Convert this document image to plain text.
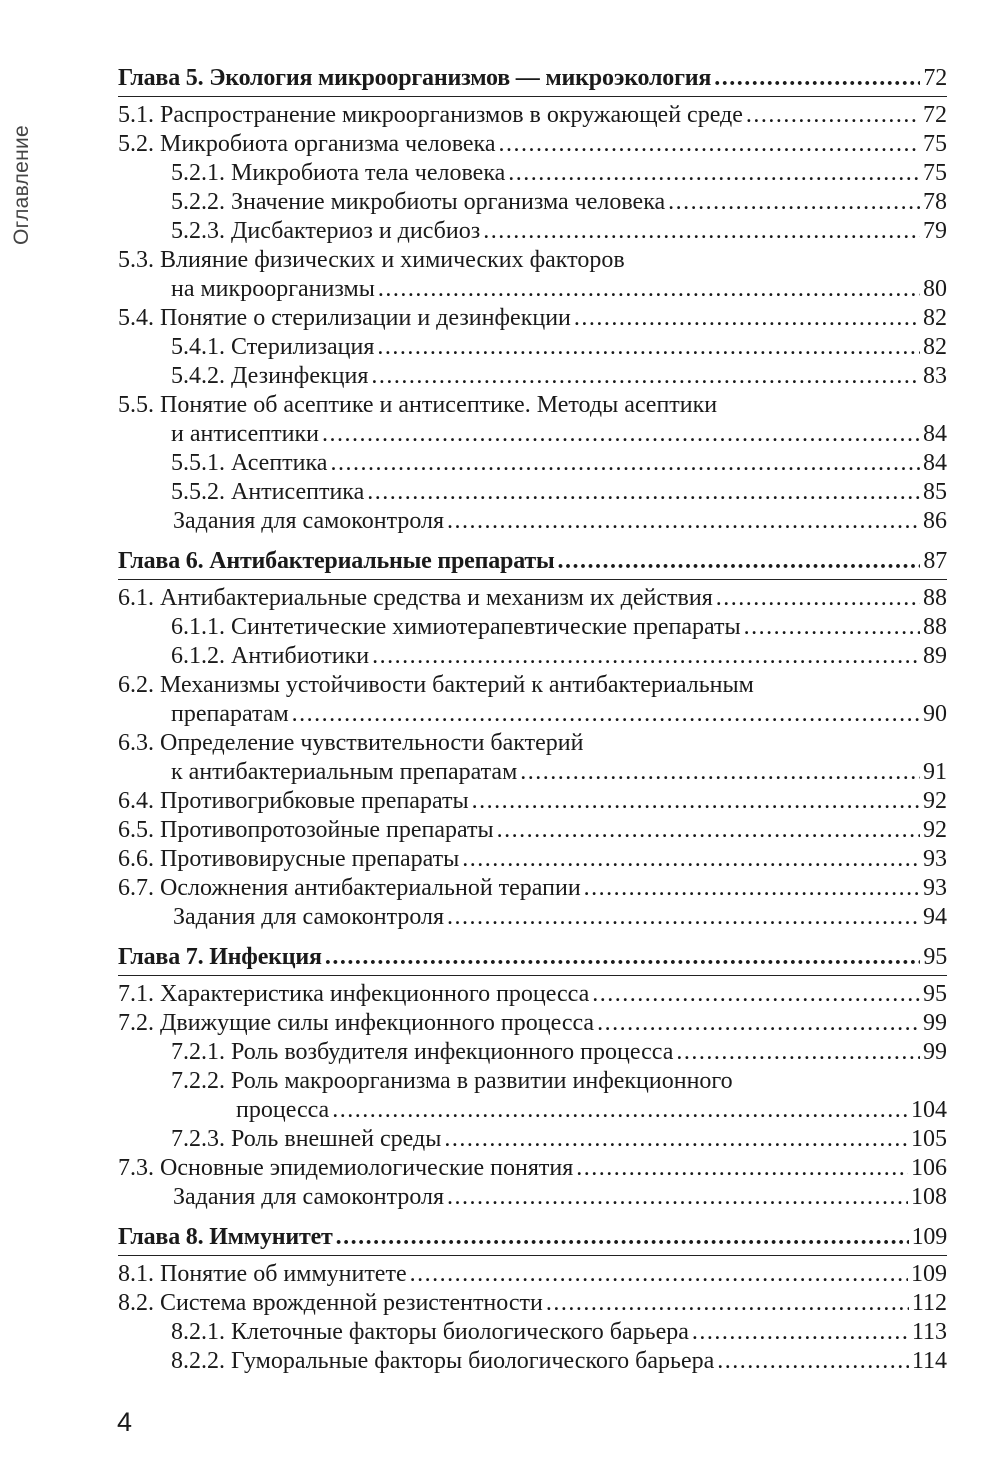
Оглавление
Глава 5. Экология микроорганизмов — микроэкология .....	72
5.1. Распространение микроорганизмов в окружающей среде .....	72
5.2. Микробиота организма человека .....	75
5.2.1. Микробиота тела человека .....	75
5.2.2. Значение микробиоты организма человека .....	78
5.2.3. Дисбактериоз и дисбиоз .....	79
5.3. Влияние физических и химических факторов
на микроорганизмы .....	80
5.4. Понятие о стерилизации и дезинфекции .....	82
5.4.1. Стерилизация .....	82
5.4.2. Дезинфекция .....	83
5.5. Понятие об асептике и антисептике. Методы асептики
и антисептики .....	84
5.5.1. Асептика .....	84
5.5.2. Антисептика .....	85
Задания для самоконтроля .....	86
Глава 6. Антибактериальные препараты .....	87
6.1. Антибактериальные средства и механизм их действия .....	88
6.1.1. Синтетические химиотерапевтические препараты .....	88
6.1.2. Антибиотики .....	89
6.2. Механизмы устойчивости бактерий к антибактериальным
препаратам .....	90
6.3. Определение чувствительности бактерий
к антибактериальным препаратам .....	91
6.4. Противогрибковые препараты .....	92
6.5. Противопротозойные препараты .....	92
6.6. Противовирусные препараты .....	93
6.7. Осложнения антибактериальной терапии .....	93
Задания для самоконтроля .....	94
Глава 7. Инфекция .....	95
7.1. Характеристика инфекционного процесса .....	95
7.2. Движущие силы инфекционного процесса .....	99
7.2.1. Роль возбудителя инфекционного процесса .....	99
7.2.2. Роль макроорганизма в развитии инфекционного
процесса .....	104
7.2.3. Роль внешней среды .....	105
7.3. Основные эпидемиологические понятия .....	106
Задания для самоконтроля .....	108
Глава 8. Иммунитет .....	109
8.1. Понятие об иммунитете .....	109
8.2. Система врожденной резистентности .....	112
8.2.1. Клеточные факторы биологического барьера .....	113
8.2.2. Гуморальные факторы биологического барьера .....	114
4
